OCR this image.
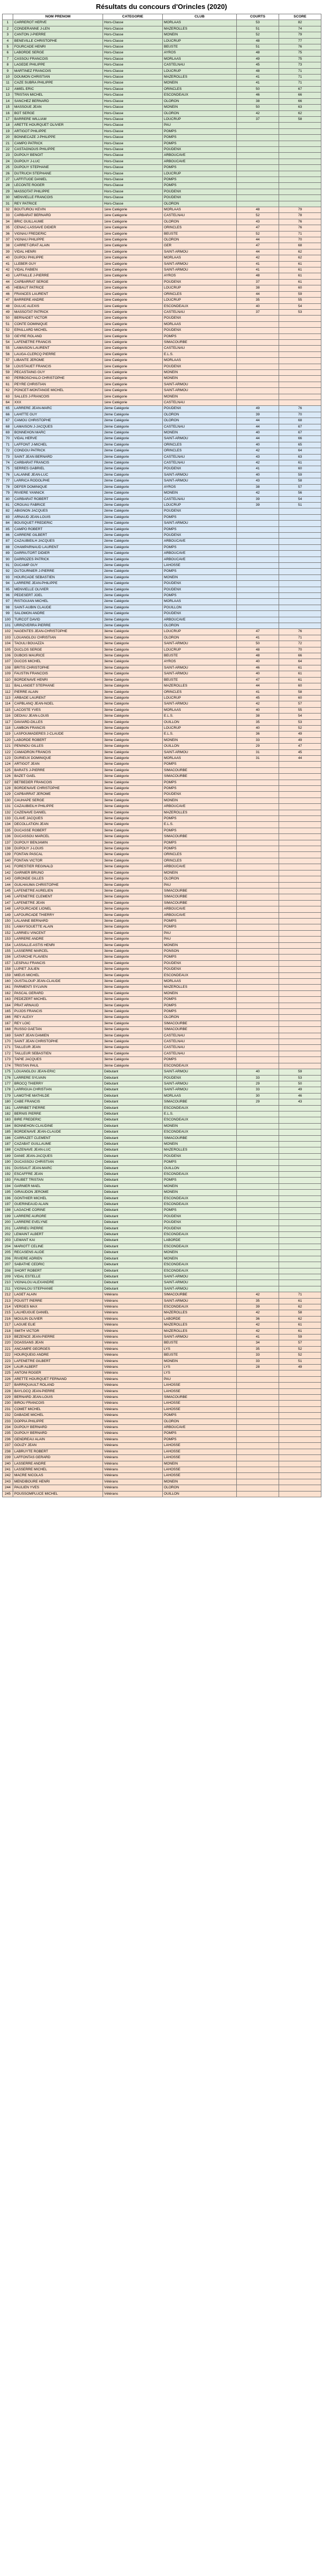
Résultats du concours d'Orincles (2020)
	NOM PRENOM	CATEGORIE	CLUB	COURTS	SCORE
1	CARREROT HERVE	Hors-Classe	MORLAAS	53	82
2	CONDERANNE J-LEN	Hors-Classe	MAZEROLLES	51	74
3	CANTON J-PIERRE	Hors-Classe	MONEIN	52	79
4	BENEVILLE CHRISTOPHE	Hors-Classe	LOUCRUP	48	77
5	FOURCADE HENRI	Hors-Classe	BEUSTE	51	76
6	LABORDE SERGE	Hors-Classe	AYROS	48	75
7	CASSOU FRANCOIS	Hors-Classe	MORLAAS	49	75
8	LAGEDE PHILIPPE	Hors-Classe	CASTELNAU	45	73
9	MARTINEZ FRANCOIS	Hors-Classe	LOUCRUP	48	71
10	DOUMON CHRISTIAN	Hors-Classe	MAZEROLLES	41	71
11	CAZE SUBRA PHILIPPE	Hors-Classe	MONEIN	41	71
12	AMIEL ERIC	Hors-Classe	ORINCLES	50	67
13	TRISTAN MICHEL	Hors-Classe	ESCONDEAUX	46	66
14	SANCHEZ BERNARD	Hors-Classe	OLORON	38	66
15	MASSOUE JEAN	Hors-Classe	MONEIN	50	63
16	BOT SERGE	Hors-Classe	OLORON	42	62
17	BARRERE WILLIAM	Hors-Classe	LOUCRUP	37	58
18	ARETTE HOURQUET OLIVIER	Hors-Classe	PAU		
19	ARTIGOT PHILIPPE	Hors-Classe	POMPS		
20	BONNECAZE J-PHILIPPE	Hors-Classe	POMPS		
21	CAMPO PATRICK	Hors-Classe	POMPS		
22	CASTAGNOUS PHILIPPE	Hors-Classe	POUDENX		
23	DUPOUY BENOIT	Hors-Classe	ARBOUCAVE		
24	DUPOUY J-LUC	Hors-Classe	ARBOUCAVE		
25	DUPOUY STEPHANE	Hors-Classe	POMPS		
26	DUTRUCH STEPHANE	Hors-Classe	LOUCRUP		
27	LAFFITUGE DANIEL	Hors-Classe	POMPS		
28	LECONTE ROGER	Hors-Classe	POMPS		
29	MASSOTAT PHILIPPE	Hors-Classe	POUDENX		
30	MENVIELLE FRANCOIS	Hors-Classe	POUDENX		
31	REY PATRICE	Hors-Classe	OLORON		
32	BOUTUROU KEVIN	1ère Catégorie	MORLAAS	48	79
33	CARBARAT BERNARD	1ère Catégorie	CASTELNAU	52	78
34	BRIC GUILLAUME	1ère Catégorie	OLORON	43	76
35	CENAC-LASSAVE DIDIER	1ère Catégorie	ORINCLES	47	76
36	VIGNAU FREDERIC	1ère Catégorie	BEUSTE	52	71
37	VIGNAU PHILIPPE	1ère Catégorie	OLORON	44	70
38	CARRET-DRAT ALAIN	1ère Catégorie	GER	47	68
39	VIDAL HENRI	1ère Catégorie	SAINT-ARMOU	44	62
40	DUPOU PHILIPPE	1ère Catégorie	MORLAAS	42	62
41	LLEBER GUY	1ère Catégorie	SAINT-ARMOU	41	61
42	VIDAL FABIEN	1ère Catégorie	SAINT-ARMOU	41	61
43	LAFFAILLE J-PIERRE	1ère Catégorie	AYROS	48	61
44	CAPBARRAT SERGE	1ère Catégorie	POUDENX	37	61
45	HEBAUT PATRICE	1ère Catégorie	LOUCRUP	38	60
46	FRANCES LAURENT	1ère Catégorie	ORINCLES	44	59
47	BARRERE ANDRE	1ère Catégorie	LOUCRUP	35	55
48	DULUC ALEXIS	1ère Catégorie	ESCONDEAUX	40	54
49	MASSOTAT PATRICK	1ère Catégorie	CASTELNAU	37	53
50	BERNADET VICTOR	1ère Catégorie	POUDENX		
51	CONTE DOMINIQUE	1ère Catégorie	MORLAAS		
52	EPAILLARD MICHEL	1ère Catégorie	POUDENX		
53	GEYRE ROLAND	1ère Catégorie	POMPS		
54	LAFENETRE FRANCIS	1ère Catégorie	SIMACOURBE		
55	LAMAISON LAURENT	1ère Catégorie	CASTELNAU		
56	LAUGA-CLERCQ PIERRE	1ère Catégorie	E.L.S.		
57	LIBANTE JEROME	1ère Catégorie	MORLAAS		
58	LOUSTAUET FRANCIS	1ère Catégorie	POUDENX		
59	PECASTAING GUY	1ère Catégorie	MONEIN		
60	PERBOSCHALO CHRISTOPHE	1ère Catégorie	MONEIN		
61	PEYRE CHRISTIAN	1ère Catégorie	SAINT-ARMOU		
62	PONCET-MONTANGE MICHEL	1ère Catégorie	SAINT-ARMOU		
63	SALLES J-FRANCOIS	1ère Catégorie	MONEIN		
64	XXX	1ère Catégorie	CASTELNAU		
65	LARRERE JEAN-MARC	2ème Catégorie	POUDENX	49	76
66	LAHITTE GUY	2ème Catégorie	OLORON	39	70
67	CAMOU CHRISTOPHE	2ème Catégorie	OLORON	44	68
68	LAMAISON J-JACQUES	2ème Catégorie	CASTELNAU	44	67
69	BONNEHON MARC	2ème Catégorie	MONEIN	40	67
70	VIDAL HERVE	2ème Catégorie	SAINT-ARMOU	44	66
71	LAFFONT J-MICHEL	2ème Catégorie	ORINCLES	40	65
72	CONDOU PATRICK	2ème Catégorie	ORINCLES	42	64
73	SAINT JEAN BERNARD	2ème Catégorie	CASTELNAU	43	63
74	CARBARAT FRANCIS	2ème Catégorie	CASTELNAU	42	61
75	SERRES GABRIEL	2ème Catégorie	POUDENX	41	60
76	LALANNE JEAN-LUC	2ème Catégorie	SAINT-ARMOU	40	59
77	LARRICA RODOLPHE	2ème Catégorie	SAINT-ARMOU	43	58
78	DEFER DOMINIQUE	2ème Catégorie	AYROS	38	57
79	RIVIERE YANNICK	2ème Catégorie	MONEIN	42	56
80	CARBARAT ROBERT	2ème Catégorie	CASTELNAU	39	54
81	CROUAU FABRICE	2ème Catégorie	LOUCRUP	39	51
82	ABIGNON JACQUES	2ème Catégorie	POUDENX		
83	ARNAUD JEAN-LOUIS	2ème Catégorie	POMPS		
84	BOUSQUET FREDERIC	2ème Catégorie	SAINT-ARMOU		
85	CAMPO ROBERT	2ème Catégorie	POMPS		
86	CARRERE GILBERT	2ème Catégorie	POUDENX		
87	CAZAUBIEILH JACQUES	2ème Catégorie	ARBOUCAVE		
88	CHAMPARNAUD LAURENT	2ème Catégorie	POMPS		
89	DARRIUTORT DIDIER	2ème Catégorie	ARBOUCAVE		
90	DARROZES PATRICK	2ème Catégorie	ARBOUCAVE		
91	DUCAMP GUY	2ème Catégorie	LAHOSSE		
92	DUTOURNIER J-PIERRE	2ème Catégorie	POMPS		
93	HOURCADE SEBASTIEN	2ème Catégorie	MONEIN		
94	LARRERE JEAN-PHILIPPE	2ème Catégorie	POUDENX		
95	MENVIELLE OLIVIER	2ème Catégorie	POUDENX		
96	PEDESERT JOEL	2ème Catégorie	POMPS		
97	RISTIGUIAN MICHEL	2ème Catégorie	MORLAAS		
98	SAINT-AUBIN CLAUDE	2ème Catégorie	POUILLON		
99	SALOMON ANDRE	2ème Catégorie	POUDENX		
100	TURCOT DAVID	2ème Catégorie	ARBOUCAVE		
101	URRIZVERRA PIERRE	2ème Catégorie	OLORON		
102	NAGENTES JEAN-CHRISTOPHE	3ème Catégorie	LOUCRUP	47	76
103	LOUANGLOU CHRISTIAN	3ème Catégorie	OLORON	41	71
104	TAOULI BOUAZZA	3ème Catégorie	SAINT-ARMOU	50	72
105	DUCLOS SERGE	3ème Catégorie	LOUCRUP	48	70
106	DUBOIS MAURICE	3ème Catégorie	BEUSTE	48	66
107	DUCOS MICHEL	3ème Catégorie	AYROS	40	64
108	BRITIS CHRISTOPHE	3ème Catégorie	SAINT-ARMOU	46	61
109	FAUSTIN FRANCOIS	3ème Catégorie	SAINT-ARMOU	40	61
110	BORDENAVE HENRI	3ème Catégorie	BEUSTE	47	61
111	BALLANGET STEPHANE	3ème Catégorie	MAZEROLLES	44	60
112	PIERRE ALAIN	3ème Catégorie	ORINCLES	41	58
113	ARBADE LAURENT	3ème Catégorie	LOUCRUP	45	60
114	CAPBLANQ JEAN-NOEL	3ème Catégorie	SAINT-ARMOU	42	57
115	LACOSTE YVES	3ème Catégorie	MORLAAS	40	55
116	DEDIAU JEAN-LOUIS	3ème Catégorie	E.L.S.	38	54
117	DAVIARD-DILLES	3ème Catégorie	OUILLON	35	53
118	LAMBON FRANCIS	3ème Catégorie	LOUCRUP	40	52
119	LASPOUMADERES J-CLAUDE	3ème Catégorie	E.L.S.	36	49
120	LABORDE ROBERT	3ème Catégorie	MONEIN	33	49
121	PENINOU GILLES	3ème Catégorie	OUILLON	29	47
122	CAMADRON FRANCIS	3ème Catégorie	SAINT-ARMOU	31	45
123	DURIEUX DOMINIQUE	3ème Catégorie	MORLAAS	31	44
124	ARTIGOT JEAN	3ème Catégorie	POMPS		
125	BARATS J-PIERRE	3ème Catégorie	SIMACOURBE		
126	BAZET GAEL	3ème Catégorie	SIMACOURBE		
127	BETBEDER FRANCOIS	3ème Catégorie	POMPS		
128	BORDENAVE CHRISTOPHE	3ème Catégorie	POMPS		
129	CAPBARRAT JEROME	3ème Catégorie	POUDENX		
130	CAUHAPE SERGE	3ème Catégorie	MONEIN		
131	CAZAUBIEILH PHILIPPE	3ème Catégorie	ARBOUCAVE		
132	CAZENAVE DANIEL	3ème Catégorie	MAZEROLLES		
133	CLAVE JACQUES	3ème Catégorie	POMPS		
134	DECOLLATION JEAN	3ème Catégorie	E.L.S.		
135	DUCASSE ROBERT	3ème Catégorie	POMPS		
136	DUCASSOU MARCEL	3ème Catégorie	SIMACOURBE		
137	DUPOUY BENJAMIN	3ème Catégorie	POMPS		
138	DUPOUY J-LOUIS	3ème Catégorie	POMPS		
139	FONTAN PASCAL	3ème Catégorie	ORINCLES		
140	FONTAN VICTOR	3ème Catégorie	ORINCLES		
141	FORESTIER REGINALD	3ème Catégorie	ARBOUCAVE		
142	GARNIER BRUNO	3ème Catégorie	MONEIN		
143	GIRONDE GILLES	3ème Catégorie	OLORON		
144	GUILHAUMA CHRISTOPHE	3ème Catégorie	PAU		
145	LAFENETRE AURELIEN	3ème Catégorie	SIMACOURBE		
146	LAFENETRE CLEMENT	3ème Catégorie	SIMACOURBE		
147	LAFENETRE JEAN	3ème Catégorie	SIMACOURBE		
148	LAFOURCADE LIONEL	3ème Catégorie	ARBOUCAVE		
149	LAFOURCADE THIERRY	3ème Catégorie	ARBOUCAVE		
150	LALANNE BERNARD	3ème Catégorie	POMPS		
151	LAMAYSOUETTE ALAIN	3ème Catégorie	POMPS		
152	LARRIEU VINCENT	3ème Catégorie	PAU		
153	LARRERE ANDRE	3ème Catégorie	PAU		
154	LASSALLE-ASTIS HENRI	3ème Catégorie	MONEIN		
155	LASSERRE MARCEL	3ème Catégorie	PONSON		
156	LATARCHE FLAVIEN	3ème Catégorie	POMPS		
157	LESPIAU FRANCIS	3ème Catégorie	POUDENX		
158	LUPIET JULIEN	3ème Catégorie	POUDENX		
159	MIEUS MICHEL	3ème Catégorie	ESCONDEAUX		
160	OUSTALOUP JEAN-CLAUDE	3ème Catégorie	MORLAAS		
161	PARMENTI SYLVAIN	3ème Catégorie	MAZEROLLES		
162	PASCAL GERARD	3ème Catégorie	MONEIN		
163	PEDEZERT MICHEL	3ème Catégorie	POMPS		
164	PRAT ARNAUD	3ème Catégorie	POMPS		
165	PUJOS FRANCIS	3ème Catégorie	POMPS		
166	REY ALEXY	3ème Catégorie	OLORON		
167	REY LOIC	3ème Catégorie	SIMACOURBE		
168	RUSSO GAETAN	3ème Catégorie	SIMACOURBE		
169	SAINT JEAN DAMIEN	3ème Catégorie	CASTELNAU		
170	SAINT JEAN CHRISTOPHE	3ème Catégorie	CASTELNAU		
171	TAILLEUR JEAN	3ème Catégorie	CASTELNAU		
172	TAILLEUR SEBASTIEN	3ème Catégorie	CASTELNAU		
173	TAPIE JACQUES	3ème Catégorie	POMPS		
174	TRISTAN PAUL	3ème Catégorie	ESCONDEAUX		
175	LOUANGLOU JEAN-ERIC	Débutant	SAINT-ARMOU	40	59
176	LARRERE SYLVAIN	Débutant	POUDENX	33	53
177	BROCQ THIERRY	Débutant	SAINT-ARMOU	29	50
178	LARRIGUA CHRISTIAN	Débutant	SAINT-ARMOU	33	49
179	LAMOTHE MATHILDE	Débutant	MORLAAS	30	46
180	CABE FRANCIS	Débutant	SIMACOURBE	29	43
181	LARRIBET PIERRE	Débutant	ESCONDEAUX		
182	BERNIS PIERRE	Débutant	E.L.S.		
183	BIRE FREDERIC	Débutant	ESCONDEAUX		
184	BONNEHON CLAUDINE	Débutant	MONEIN		
185	BORDENAVE JEAN-CLAUDE	Débutant	ESCONDEAUX		
186	CARRAZET CLEMENT	Débutant	SIMACOURBE		
187	CAZABAT GUILLAUME	Débutant	MONEIN		
188	CAZENAVE JEAN-LUC	Débutant	MAZEROLLES		
189	DANIE JEAN-JACQUES	Débutant	POUDENX		
190	DUCASSOU CHRISTIAN	Débutant	POMPS		
191	DUSSAUT JEAN-MARC	Débutant	OUILLON		
192	ESCAFFRE JEAN	Débutant	ESCONDEAUX		
193	FAUBET TRISTAN	Débutant	POMPS		
194	GARNIER MAEL	Débutant	MONEIN		
195	GIRAUDON JEROME	Débutant	MONEIN		
196	GONTHIER MICHEL	Débutant	ESCONDEAUX		
197	GUERINEAUD ALAIN	Débutant	ESCONDEAUX		
198	LAGACHE CORINE	Débutant	POMPS		
199	LARRERE AURORE	Débutant	POUDENX		
200	LARRERE EVELYNE	Débutant	POUDENX		
201	LARRIEU PIERRE	Débutant	POUDENX		
202	LEMAINT ALBERT	Débutant	ESCONDEAUX		
203	LEMANT KAI	Débutant	LABORDE		
204	MARIOTT CELINE	Débutant	ESCONDEAUX		
205	RECASENS ALIDE	Débutant	MONEIN		
206	RIVIERE ADRIEN	Débutant	MONEIN		
207	SABATHE CEDRIC	Débutant	ESCONDEAUX		
208	SHORT ROBERT	Débutant	ESCONDEAUX		
209	VIDAL ESTELLE	Débutant	SAINT-ARMOU		
210	VIGNALOU ALEXANDRE	Débutant	SAINT-ARMOU		
211	VIGNALOU STEPHANIE	Débutant	SAINT-ARMOU		
212	LAGET ALAIN	Vétérans	SIMACOURBE	42	71
213	POUSTT PIERRE	Vétérans	SAINT-ARMOU	35	61
214	VERGES MAX	Vétérans	ESCONDEAUX	39	62
215	LALHEUGUE DANIEL	Vétérans	MAZEROLLES	42	58
216	MOULIN OLIVIER	Vétérans	LABORDE	36	62
217	LAGUIE ELIE	Vétérans	MAZEROLLES	42	61
218	SMITH VICTOR	Vétérans	MAZEROLLES	42	61
219	BEZENCE JEAN-PIERRE	Vétérans	SAINT-ARMOU	41	59
220	DOASSANS JEAN	Vétérans	BEUSTE	34	57
221	ANCAMPE GEORGES	Vétérans	LYS	35	52
222	HOURQUEIG ANDRE	Vétérans	BEUSTE	33	52
223	LAFENETRE GILBERT	Vétérans	MONEIN	33	51
224	LAUR ALBERT	Vétérans	LYS	28	49
225	ANTONI ROGER	Vétérans	LYS		
226	ARETTE HOURQUET FERNAND	Vétérans	PAU		
227	BARRIQUAULT ROLAND	Vétérans	LAHOSSE		
228	BAYLOCQ JEAN-PIERRE	Vétérans	LAHOSSE		
229	BERNARD JEAN-LOUIS	Vétérans	SIMACOURBE		
230	BIROU FRANCOIS	Vétérans	LAHOSSE		
231	COMET MICHEL	Vétérans	LAHOSSE		
232	DABADIE MICHEL	Vétérans	POMPS		
233	DOPPIA PHILIPPE	Vétérans	OLORON		
234	DUPOUY BERNARD	Vétérans	ARBOUCAVE		
235	DUPOUY BERNARD	Vétérans	POMPS		
236	GENDREAU ALAIN	Vétérans	POMPS		
237	GOUZY JEAN	Vétérans	LAHOSSE		
238	LABRUYTE ROBERT	Vétérans	LAHOSSE		
239	LAFFONTAS GERARD	Vétérans	LAHOSSE		
240	LASSERRE ANDRE	Vétérans	MONEIN		
241	LASSERRE MICHEL	Vétérans	LAHOSSE		
242	MACRE NICOLAS	Vétérans	LAHOSSE		
243	MENDIBOURE HENRI	Vétérans	MONEIN		
244	PAULIEN YVES	Vétérans	OLORON		
245	POUSSOMPLUCE MICHEL	Vétérans	OUILLON		
